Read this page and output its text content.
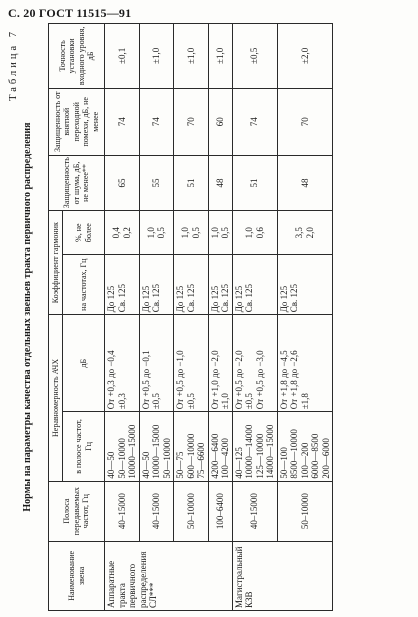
С. 20 ГОСТ 11515—91
Таблица 7
Нормы на параметры качества отдельных звеньев тракта первичного распределения
Наименование звена	Полоса передаваемых частот, Гц	Неравномерность АЧХ		Коэффициент гармоник		Защищенность от шума, дБ, не менее**	Защищенность от внятной переходной помехи, дБ, не менее	Точность установки входного уровня, дБ
		в полосе частот, Гц	дБ	на частотах, Гц	%, не более			
Аппаратные тракта первичного распределения СЛ***	40–15000	40—50
50—10000
10000—15000	От +0,3 до −0,4
±0,3	До 125
Св. 125	0,4
0,2	65	74	±0,1
	40–15000	40—50
10000—15000
50—10000	От +0,5 до −0,1
±0,5	До 125
Св. 125	1,0
0,5	55	74	±1,0
	50–10000	50—75
600—10000
75—6600	От +0,5 до −1,0
±0,5	До 125
Св. 125	1,0
0,5	51	70	±1,0
	100–6400	4200—6400
100—4200	От +1,0 до −2,0
±1,0	До 125
Св. 125	1,0
0,5	48	60	±1,0
Магистральный КЗВ	40–15000	40—125
10000—14000
125—10000
14000—15000	От +0,5 до −2,0
±0,5
От +0,5 до −3,0	До 125
Св. 125	1,0
0,6	51	74	±0,5
	50–10000	50—100
8500—10000
100—200
6000—8500
200—6000	От +1,8 до −4,5
От +1,8 до −2,6
±1,8	До 125
Св. 125	3,5
2,0	48	70	±2,0
